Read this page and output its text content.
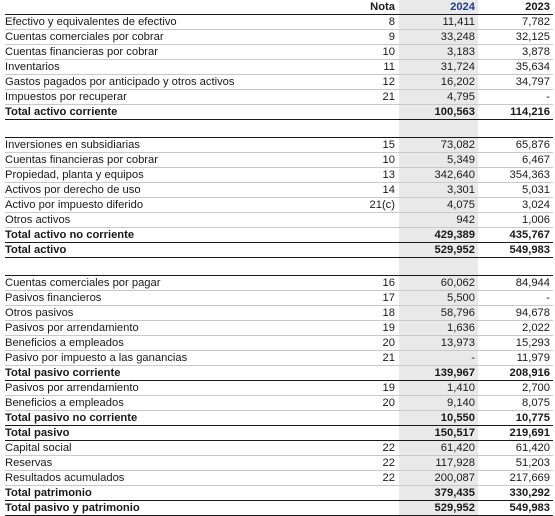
	Nota	2024	2023
Efectivo y equivalentes de efectivo	8	11,411	7,782
Cuentas comerciales por cobrar	9	33,248	32,125
Cuentas financieras por cobrar	10	3,183	3,878
Inventarios	11	31,724	35,634
Gastos pagados por anticipado y otros activos	12	16,202	34,797
Impuestos por recuperar	21	4,795	-
Total activo corriente		100,563	114,216

Inversiones en subsidiarias	15	73,082	65,876
Cuentas financieras por cobrar	10	5,349	6,467
Propiedad, planta y equipos	13	342,640	354,363
Activos por derecho de uso	14	3,301	5,031
Activo por impuesto diferido	21(c)	4,075	3,024
Otros activos		942	1,006
Total activo no corriente		429,389	435,767
Total activo		529,952	549,983

Cuentas comerciales por pagar	16	60,062	84,944
Pasivos financieros	17	5,500	-
Otros pasivos	18	58,796	94,678
Pasivos por arrendamiento	19	1,636	2,022
Beneficios a empleados	20	13,973	15,293
Pasivo por impuesto a las ganancias	21	-	11,979
Total pasivo corriente		139,967	208,916
Pasivos por arrendamiento	19	1,410	2,700
Beneficios a empleados	20	9,140	8,075
Total pasivo no corriente		10,550	10,775
Total pasivo		150,517	219,691
Capital social	22	61,420	61,420
Reservas	22	117,928	51,203
Resultados acumulados	22	200,087	217,669
Total patrimonio		379,435	330,292
Total pasivo y patrimonio		529,952	549,983
